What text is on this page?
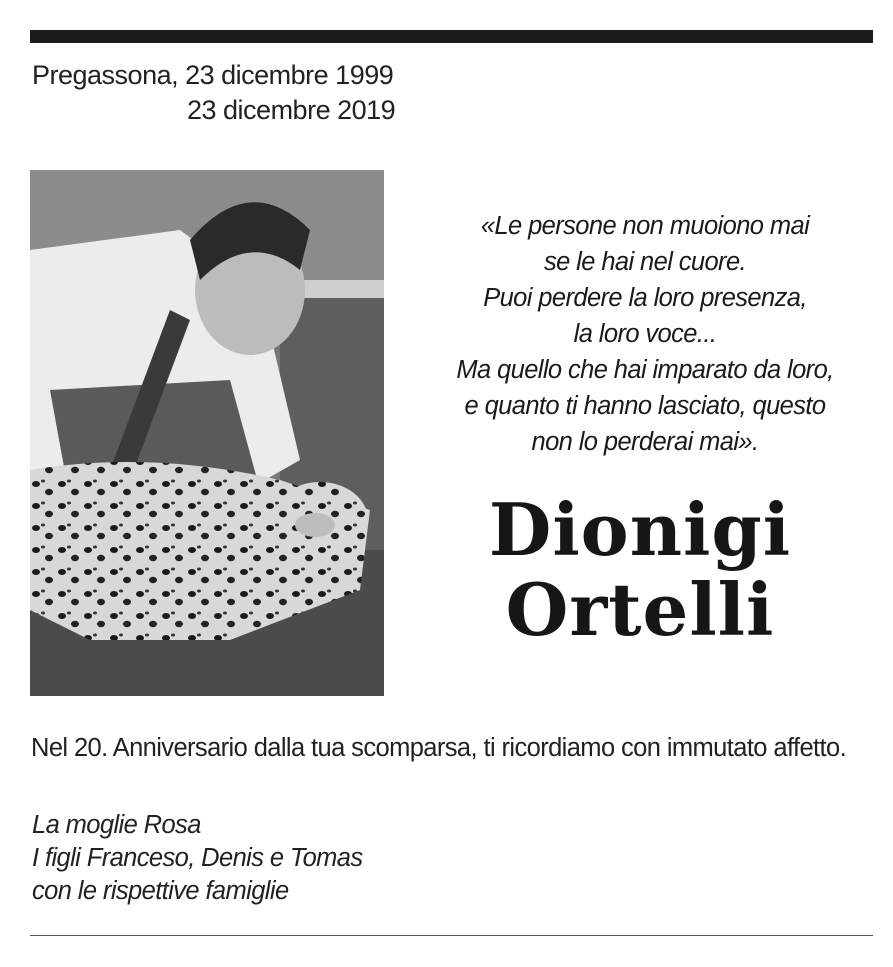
Pregassona, 23 dicembre 1999
23 dicembre 2019
«Le persone non muoiono mai
se le hai nel cuore.
Puoi perdere la loro presenza,
la loro voce...
Ma quello che hai imparato da loro,
e quanto ti hanno lasciato, questo
non lo perderai mai».
Dionigi
Ortelli
Nel 20. Anniversario dalla tua scomparsa, ti ricordiamo con immutato affetto.
La moglie Rosa
I figli Franceso, Denis e Tomas
con le rispettive famiglie
